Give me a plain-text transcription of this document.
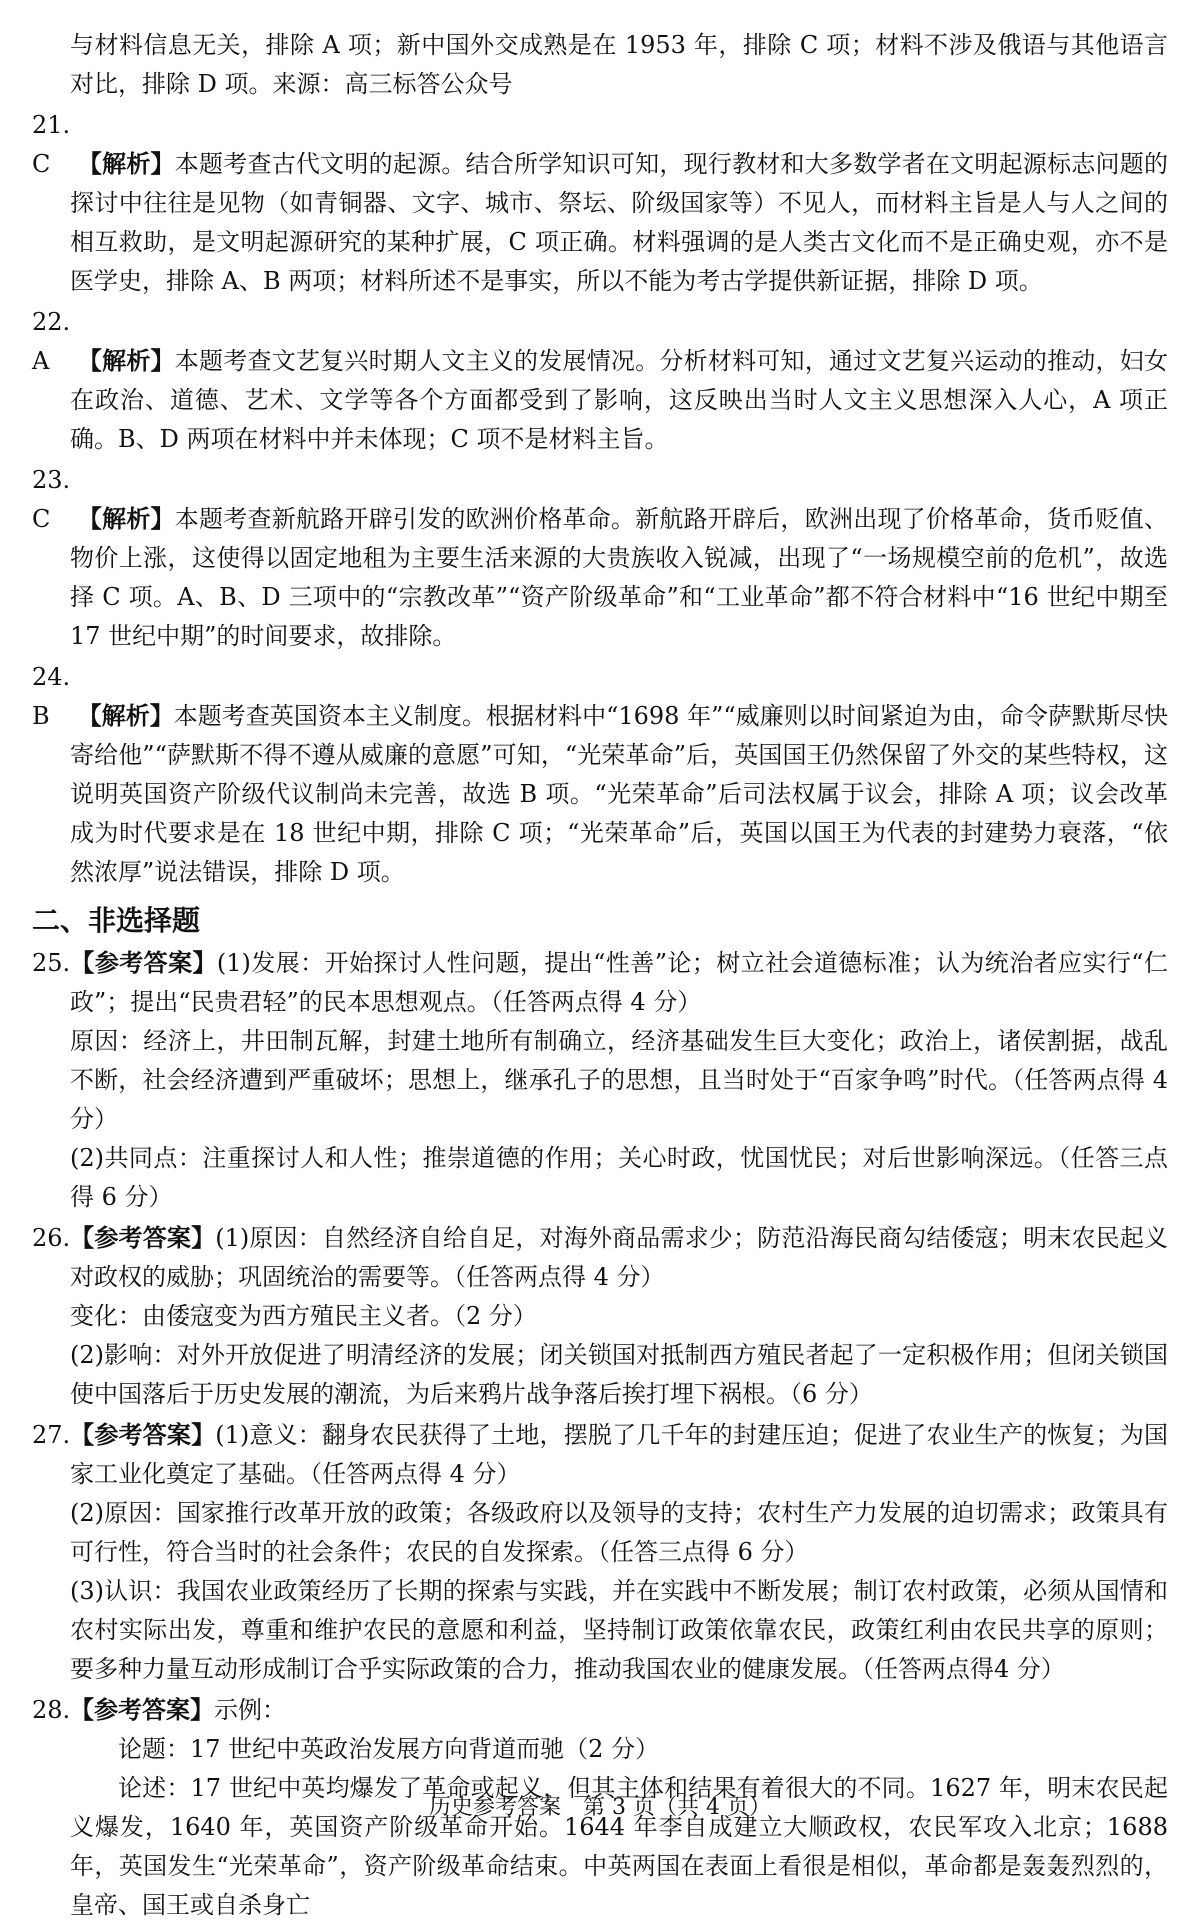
与材料信息无关，排除 A 项；新中国外交成熟是在 1953 年，排除 C 项；材料不涉及俄语与其他语言对比，排除 D 项。来源：高三标答公众号

21. C 【解析】本题考查古代文明的起源。结合所学知识可知，现行教材和大多数学者在文明起源标志问题的探讨中往往是见物（如青铜器、文字、城市、祭坛、阶级国家等）不见人，而材料主旨是人与人之间的相互救助，是文明起源研究的某种扩展，C 项正确。材料强调的是人类古文化而不是正确史观，亦不是医学史，排除 A、B 两项；材料所述不是事实，所以不能为考古学提供新证据，排除 D 项。

22. A 【解析】本题考查文艺复兴时期人文主义的发展情况。分析材料可知，通过文艺复兴运动的推动，妇女在政治、道德、艺术、文学等各个方面都受到了影响，这反映出当时人文主义思想深入人心，A 项正确。B、D 两项在材料中并未体现；C 项不是材料主旨。

23. C 【解析】本题考查新航路开辟引发的欧洲价格革命。新航路开辟后，欧洲出现了价格革命，货币贬值、物价上涨，这使得以固定地租为主要生活来源的大贵族收入锐减，出现了“一场规模空前的危机”，故选择 C 项。A、B、D 三项中的“宗教改革”“资产阶级革命”和“工业革命”都不符合材料中“16 世纪中期至 17 世纪中期”的时间要求，故排除。

24. B 【解析】本题考查英国资本主义制度。根据材料中“1698 年”“威廉则以时间紧迫为由，命令萨默斯尽快寄给他”“萨默斯不得不遵从威廉的意愿”可知，“光荣革命”后，英国国王仍然保留了外交的某些特权，这说明英国资产阶级代议制尚未完善，故选 B 项。“光荣革命”后司法权属于议会，排除 A 项；议会改革成为时代要求是在 18 世纪中期，排除 C 项；“光荣革命”后，英国以国王为代表的封建势力衰落，“依然浓厚”说法错误，排除 D 项。

二、非选择题

25.【参考答案】(1)发展：开始探讨人性问题，提出“性善”论；树立社会道德标准；认为统治者应实行“仁政”；提出“民贵君轻”的民本思想观点。（任答两点得 4 分）

原因：经济上，井田制瓦解，封建土地所有制确立，经济基础发生巨大变化；政治上，诸侯割据，战乱不断，社会经济遭到严重破坏；思想上，继承孔子的思想，且当时处于“百家争鸣”时代。（任答两点得 4 分）

(2)共同点：注重探讨人和人性；推崇道德的作用；关心时政，忧国忧民；对后世影响深远。（任答三点得 6 分）

26.【参考答案】(1)原因：自然经济自给自足，对海外商品需求少；防范沿海民商勾结倭寇；明末农民起义对政权的威胁；巩固统治的需要等。（任答两点得 4 分）

变化：由倭寇变为西方殖民主义者。（2 分）

(2)影响：对外开放促进了明清经济的发展；闭关锁国对抵制西方殖民者起了一定积极作用；但闭关锁国使中国落后于历史发展的潮流，为后来鸦片战争落后挨打埋下祸根。（6 分）

27.【参考答案】(1)意义：翻身农民获得了土地，摆脱了几千年的封建压迫；促进了农业生产的恢复；为国家工业化奠定了基础。（任答两点得 4 分）

(2)原因：国家推行改革开放的政策；各级政府以及领导的支持；农村生产力发展的迫切需求；政策具有可行性，符合当时的社会条件；农民的自发探索。（任答三点得 6 分）

(3)认识：我国农业政策经历了长期的探索与实践，并在实践中不断发展；制订农村政策，必须从国情和农村实际出发，尊重和维护农民的意愿和利益，坚持制订政策依靠农民，政策红利由农民共享的原则；要多种力量互动形成制订合乎实际政策的合力，推动我国农业的健康发展。（任答两点得4 分）

28.【参考答案】示例：

论题：17 世纪中英政治发展方向背道而驰（2 分）

论述：17 世纪中英均爆发了革命或起义，但其主体和结果有着很大的不同。1627 年，明末农民起义爆发，1640 年，英国资产阶级革命开始。1644 年李自成建立大顺政权，农民军攻入北京；1688 年，英国发生“光荣革命”，资产阶级革命结束。中英两国在表面上看很是相似，革命都是轰轰烈烈的，皇帝、国王或自杀身亡

历史参考答案　第 3 页（共 4 页）
